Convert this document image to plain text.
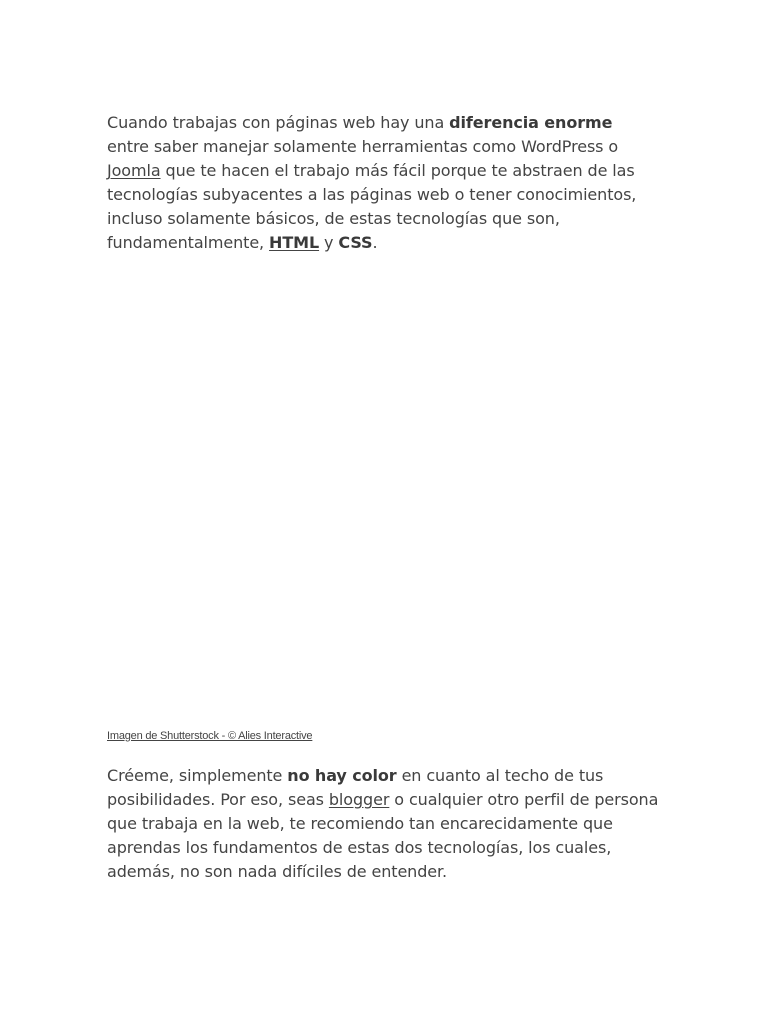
Cuando trabajas con páginas web hay una diferencia enorme entre saber manejar solamente herramientas como WordPress o Joomla que te hacen el trabajo más fácil porque te abstraen de las tecnologías subyacentes a las páginas web o tener conocimientos, incluso solamente básicos, de estas tecnologías que son, fundamentalmente, HTML y CSS.

Imagen de Shutterstock - © Alies Interactive

Créeme, simplemente no hay color en cuanto al techo de tus posibilidades. Por eso, seas blogger o cualquier otro perfil de persona que trabaja en la web, te recomiendo tan encarecidamente que aprendas los fundamentos de estas dos tecnologías, los cuales, además, no son nada difíciles de entender.
